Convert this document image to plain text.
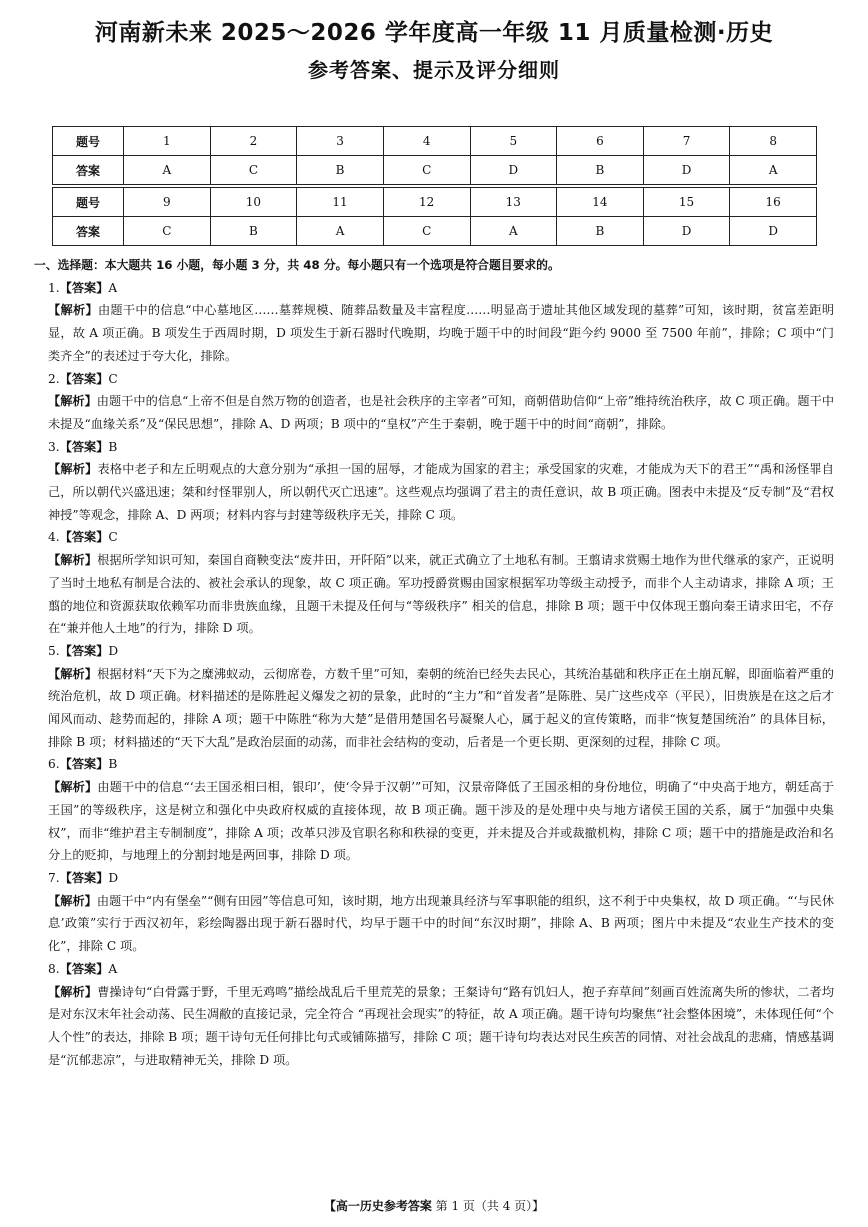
河南新未来 2025～2026 学年度高一年级 11 月质量检测·历史
参考答案、提示及评分细则
题号	1	2	3	4	5	6	7	8
答案	A	C	B	C	D	B	D	A

题号	9	10	11	12	13	14	15	16
答案	C	B	A	C	A	B	D	D

一、选择题：本大题共 16 小题，每小题 3 分，共 48 分。每小题只有一个选项是符合题目要求的。

1.【答案】A

【解析】由题干中的信息“中心墓地区……墓葬规模、随葬品数量及丰富程度……明显高于遗址其他区域发现的墓葬”可知，该时期，贫富差距明显，故 A 项正确。B 项发生于西周时期，D 项发生于新石器时代晚期，均晚于题干中的时间段“距今约 9000 至 7500 年前”，排除；C 项中“门类齐全”的表述过于夸大化，排除。

2.【答案】C

【解析】由题干中的信息“上帝不但是自然万物的创造者，也是社会秩序的主宰者”可知，商朝借助信仰“上帝”维持统治秩序，故 C 项正确。题干中未提及“血缘关系”及“保民思想”，排除 A、D 两项；B 项中的“皇权”产生于秦朝，晚于题干中的时间“商朝”，排除。

3.【答案】B

【解析】表格中老子和左丘明观点的大意分别为“承担一国的屈辱，才能成为国家的君主；承受国家的灾难，才能成为天下的君王”“禹和汤怪罪自己，所以朝代兴盛迅速；桀和纣怪罪别人，所以朝代灭亡迅速”。这些观点均强调了君主的责任意识，故 B 项正确。图表中未提及“反专制”及“君权神授”等观念，排除 A、D 两项；材料内容与封建等级秩序无关，排除 C 项。

4.【答案】C

【解析】根据所学知识可知，秦国自商鞅变法“废井田，开阡陌”以来，就正式确立了土地私有制。王翦请求赏赐土地作为世代继承的家产，正说明了当时土地私有制是合法的、被社会承认的现象，故 C 项正确。军功授爵赏赐由国家根据军功等级主动授予，而非个人主动请求，排除 A 项；王翦的地位和资源获取依赖军功而非贵族血缘，且题干未提及任何与“等级秩序” 相关的信息，排除 B 项；题干中仅体现王翦向秦王请求田宅，不存在“兼并他人土地”的行为，排除 D 项。

5.【答案】D

【解析】根据材料“天下为之糜沸蚁动，云彻席卷，方数千里”可知，秦朝的统治已经失去民心，其统治基础和秩序正在土崩瓦解，即面临着严重的统治危机，故 D 项正确。材料描述的是陈胜起义爆发之初的景象，此时的“主力”和“首发者”是陈胜、吴广这些戍卒（平民），旧贵族是在这之后才闻风而动、趁势而起的，排除 A 项；题干中陈胜“称为大楚”是借用楚国名号凝聚人心，属于起义的宣传策略，而非“恢复楚国统治” 的具体目标，排除 B 项；材料描述的“天下大乱”是政治层面的动荡，而非社会结构的变动，后者是一个更长期、更深刻的过程，排除 C 项。

6.【答案】B

【解析】由题干中的信息“‘去王国丞相曰相，银印’，使‘令异于汉朝’”可知，汉景帝降低了王国丞相的身份地位，明确了“中央高于地方，朝廷高于王国”的等级秩序，这是树立和强化中央政府权威的直接体现，故 B 项正确。题干涉及的是处理中央与地方诸侯王国的关系，属于“加强中央集权”，而非“维护君主专制制度”，排除 A 项；改革只涉及官职名称和秩禄的变更，并未提及合并或裁撤机构，排除 C 项；题干中的措施是政治和名分上的贬抑，与地理上的分割封地是两回事，排除 D 项。

7.【答案】D

【解析】由题干中“内有堡垒”“侧有田园”等信息可知，该时期，地方出现兼具经济与军事职能的组织，这不利于中央集权，故 D 项正确。“‘与民休息’政策”实行于西汉初年，彩绘陶器出现于新石器时代，均早于题干中的时间“东汉时期”，排除 A、B 两项；图片中未提及“农业生产技术的变化”，排除 C 项。

8.【答案】A

【解析】曹操诗句“白骨露于野，千里无鸡鸣”描绘战乱后千里荒芜的景象；王粲诗句“路有饥妇人，抱子弃草间”刻画百姓流离失所的惨状，二者均是对东汉末年社会动荡、民生凋敝的直接记录，完全符合 “再现社会现实”的特征，故 A 项正确。题干诗句均聚焦“社会整体困境”，未体现任何“个人个性”的表达，排除 B 项；题干诗句无任何排比句式或铺陈描写，排除 C 项；题干诗句均表达对民生疾苦的同情、对社会战乱的悲痛，情感基调是“沉郁悲凉”，与进取精神无关，排除 D 项。

【高一历史参考答案 第 1 页（共 4 页）】
